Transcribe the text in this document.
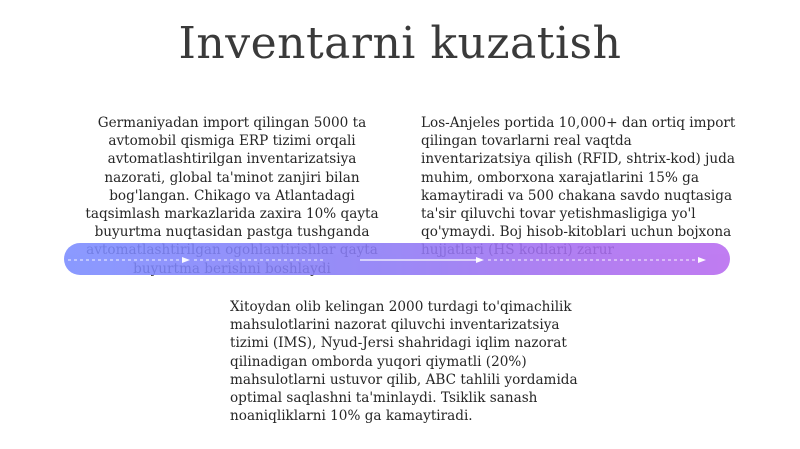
Inventarni kuzatish
Germaniyadan import qilingan 5000 ta avtomobil qismiga ERP tizimi orqali avtomatlashtirilgan inventarizatsiya nazorati, global ta'minot zanjiri bilan bog'langan. Chikago va Atlantadagi taqsimlash markazlarida zaxira 10% qayta buyurtma nuqtasidan pastga tushganda
Los-Anjeles portida 10,000+ dan ortiq import qilingan tovarlarni real vaqtda inventarizatsiya qilish (RFID, shtrix-kod) juda muhim, omborxona xarajatlarini 15% ga kamaytiradi va 500 chakana savdo nuqtasiga ta'sir qiluvchi tovar yetishmasligiga yo'l qo'ymaydi. Boj hisob-kitoblari uchun bojxona
Xitoydan olib kelingan 2000 turdagi to'qimachilik mahsulotlarini nazorat qiluvchi inventarizatsiya tizimi (IMS), Nyud-Jersi shahridagi iqlim nazorat qilinadigan omborda yuqori qiymatli (20%) mahsulotlarni ustuvor qilib, ABC tahlili yordamida optimal saqlashni ta'minlaydi. Tsiklik sanash noaniqliklarni 10% ga kamaytiradi.
